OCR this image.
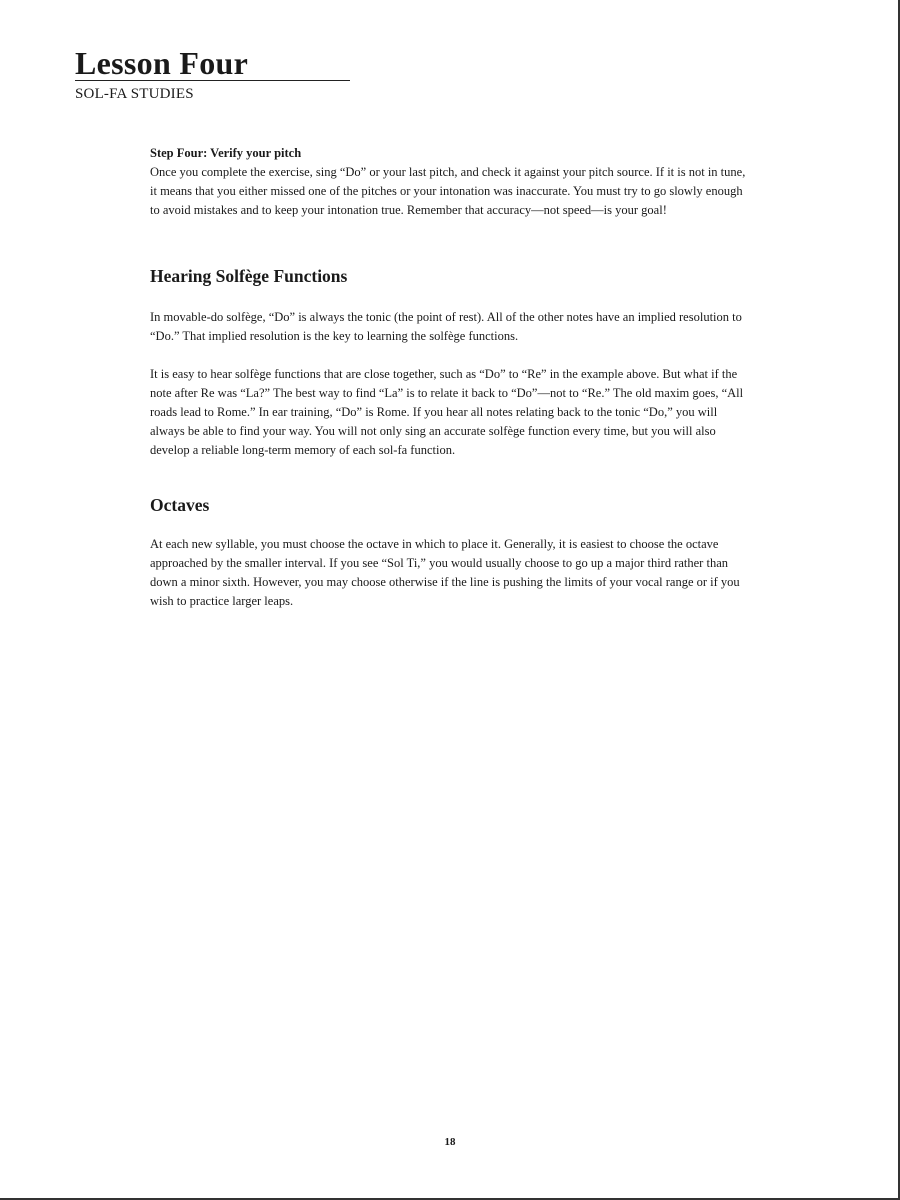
Lesson Four

SOL-FA STUDIES

Step Four: Verify your pitch

Once you complete the exercise, sing “Do” or your last pitch, and check it against your pitch source. If it is not in tune, it means that you either missed one of the pitches or your intonation was inaccurate. You must try to go slowly enough to avoid mistakes and to keep your intonation true. Remember that accuracy—not speed—is your goal!

Hearing Solfège Functions

In movable-do solfège, “Do” is always the tonic (the point of rest). All of the other notes have an implied resolution to “Do.” That implied resolution is the key to learning the solfège functions.

It is easy to hear solfège functions that are close together, such as “Do” to “Re” in the example above. But what if the note after Re was “La?” The best way to find “La” is to relate it back to “Do”—not to “Re.” The old maxim goes, “All roads lead to Rome.” In ear training, “Do” is Rome. If you hear all notes relating back to the tonic “Do,” you will always be able to find your way. You will not only sing an accurate solfège function every time, but you will also develop a reliable long-term memory of each sol-fa function.

Octaves

At each new syllable, you must choose the octave in which to place it. Generally, it is easiest to choose the octave approached by the smaller interval. If you see “Sol Ti,” you would usually choose to go up a major third rather than down a minor sixth. However, you may choose otherwise if the line is pushing the limits of your vocal range or if you wish to practice larger leaps.

18
